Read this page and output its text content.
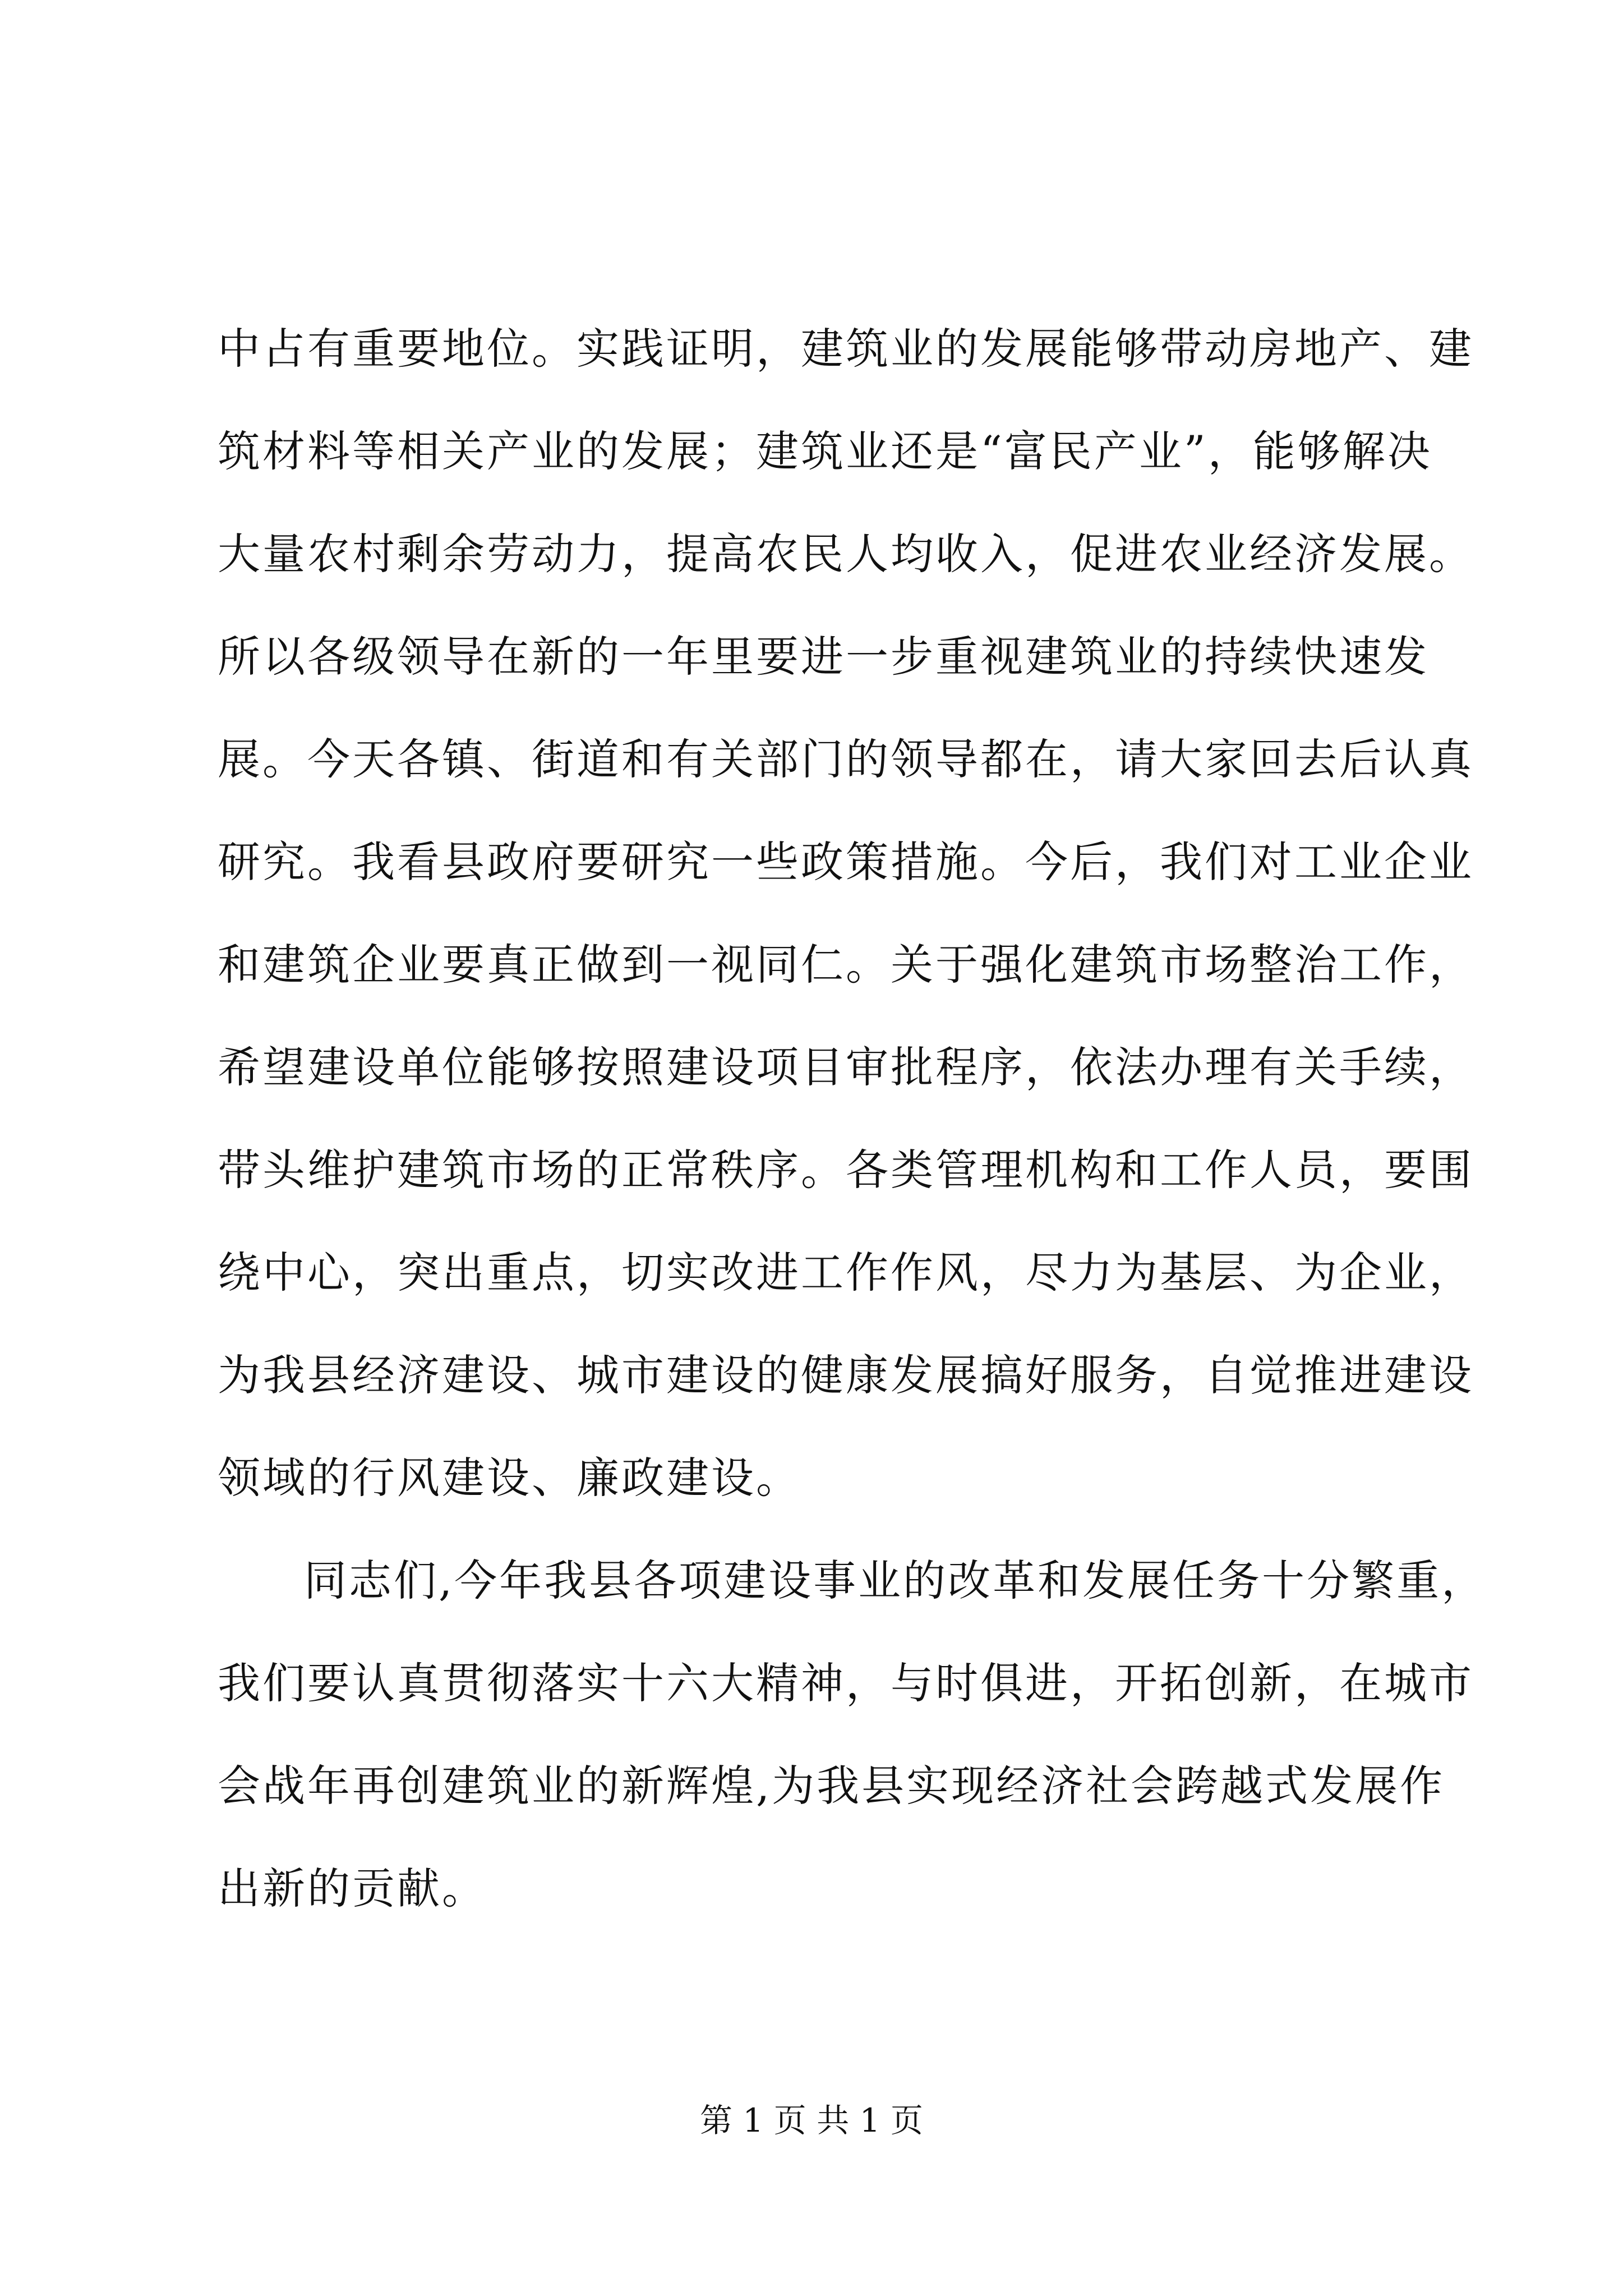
中占有重要地位。实践证明，建筑业的发展能够带动房地产、建
筑材料等相关产业的发展；建筑业还是“富民产业”，能够解决
大量农村剩余劳动力，提高农民人均收入，促进农业经济发展。
所以各级领导在新的一年里要进一步重视建筑业的持续快速发
展。今天各镇、街道和有关部门的领导都在，请大家回去后认真
研究。我看县政府要研究一些政策措施。今后，我们对工业企业
和建筑企业要真正做到一视同仁。关于强化建筑市场整治工作，
希望建设单位能够按照建设项目审批程序，依法办理有关手续，
带头维护建筑市场的正常秩序。各类管理机构和工作人员，要围
绕中心，突出重点，切实改进工作作风，尽力为基层、为企业，
为我县经济建设、城市建设的健康发展搞好服务，自觉推进建设
领域的行风建设、廉政建设。
同志们,今年我县各项建设事业的改革和发展任务十分繁重，
我们要认真贯彻落实十六大精神，与时俱进，开拓创新，在城市
会战年再创建筑业的新辉煌,为我县实现经济社会跨越式发展作
出新的贡献。
第 1 页 共 1 页
